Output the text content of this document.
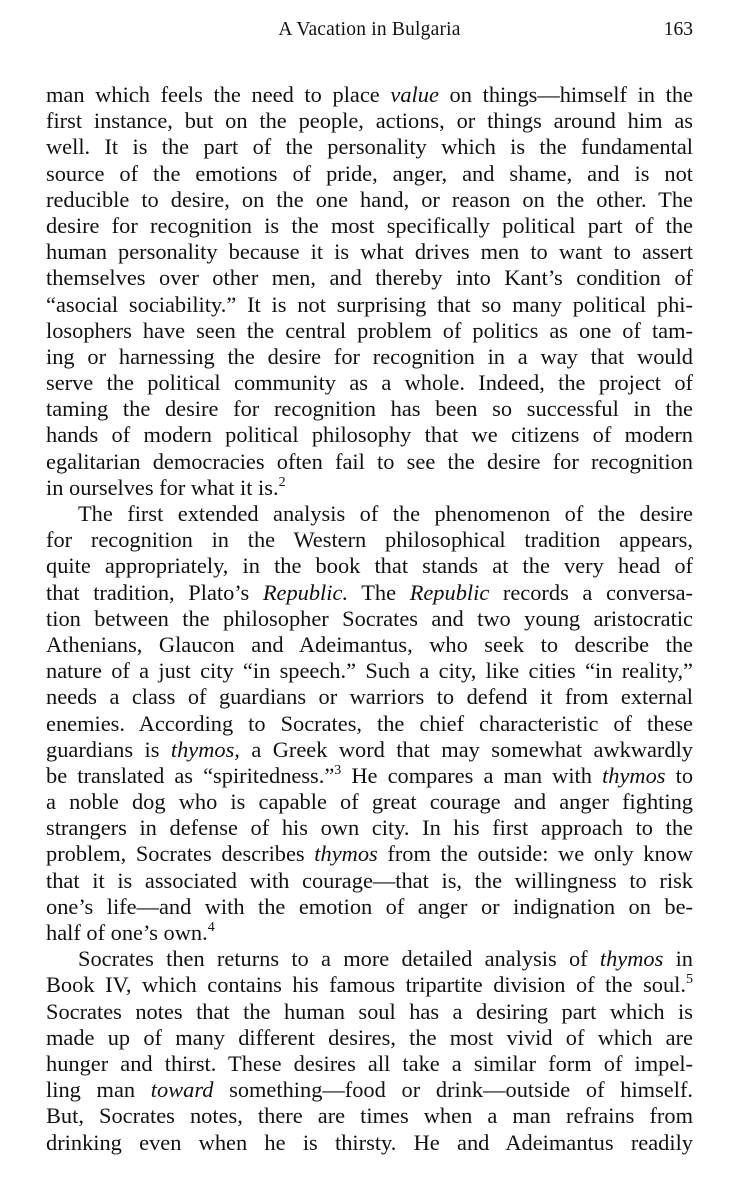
A Vacation in Bulgaria	163
man which feels the need to place value on things—himself in the
first instance, but on the people, actions, or things around him as
well. It is the part of the personality which is the fundamental
source of the emotions of pride, anger, and shame, and is not
reducible to desire, on the one hand, or reason on the other. The
desire for recognition is the most specifically political part of the
human personality because it is what drives men to want to assert
themselves over other men, and thereby into Kant’s condition of
“asocial sociability.” It is not surprising that so many political phi-
losophers have seen the central problem of politics as one of tam-
ing or harnessing the desire for recognition in a way that would
serve the political community as a whole. Indeed, the project of
taming the desire for recognition has been so successful in the
hands of modern political philosophy that we citizens of modern
egalitarian democracies often fail to see the desire for recognition
in ourselves for what it is.$^2$
The first extended analysis of the phenomenon of the desire
for recognition in the Western philosophical tradition appears,
quite appropriately, in the book that stands at the very head of
that tradition, Plato’s Republic. The Republic records a conversa-
tion between the philosopher Socrates and two young aristocratic
Athenians, Glaucon and Adeimantus, who seek to describe the
nature of a just city “in speech.” Such a city, like cities “in reality,”
needs a class of guardians or warriors to defend it from external
enemies. According to Socrates, the chief characteristic of these
guardians is thymos, a Greek word that may somewhat awkwardly
be translated as “spiritedness.”$^3$ He compares a man with thymos to
a noble dog who is capable of great courage and anger fighting
strangers in defense of his own city. In his first approach to the
problem, Socrates describes thymos from the outside: we only know
that it is associated with courage—that is, the willingness to risk
one’s life—and with the emotion of anger or indignation on be-
half of one’s own.$^4$
Socrates then returns to a more detailed analysis of thymos in
Book IV, which contains his famous tripartite division of the soul.$^5$
Socrates notes that the human soul has a desiring part which is
made up of many different desires, the most vivid of which are
hunger and thirst. These desires all take a similar form of impel-
ling man toward something—food or drink—outside of himself.
But, Socrates notes, there are times when a man refrains from
drinking even when he is thirsty. He and Adeimantus readily
